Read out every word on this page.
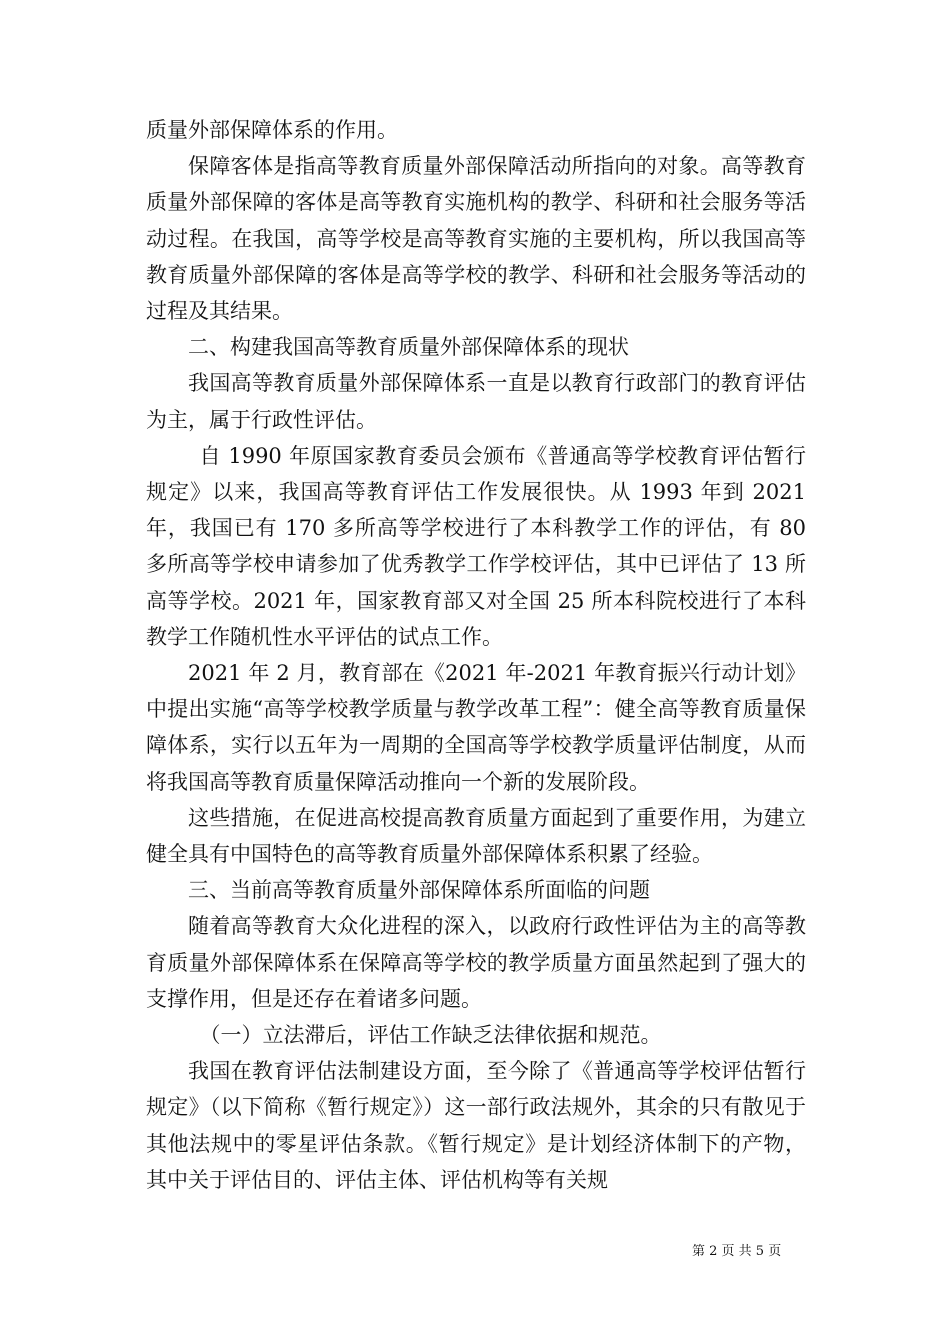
质量外部保障体系的作用。

保障客体是指高等教育质量外部保障活动所指向的对象。高等教育质量外部保障的客体是高等教育实施机构的教学、科研和社会服务等活动过程。在我国，高等学校是高等教育实施的主要机构，所以我国高等教育质量外部保障的客体是高等学校的教学、科研和社会服务等活动的过程及其结果。

二、构建我国高等教育质量外部保障体系的现状

我国高等教育质量外部保障体系一直是以教育行政部门的教育评估为主，属于行政性评估。

自 1990 年原国家教育委员会颁布《普通高等学校教育评估暂行规定》以来，我国高等教育评估工作发展很快。从 1993 年到 2021 年，我国已有 170 多所高等学校进行了本科教学工作的评估，有 80 多所高等学校申请参加了优秀教学工作学校评估，其中已评估了 13 所高等学校。2021 年，国家教育部又对全国 25 所本科院校进行了本科教学工作随机性水平评估的试点工作。

2021 年 2 月，教育部在《2021 年-2021 年教育振兴行动计划》中提出实施“高等学校教学质量与教学改革工程”：健全高等教育质量保障体系，实行以五年为一周期的全国高等学校教学质量评估制度，从而将我国高等教育质量保障活动推向一个新的发展阶段。

这些措施，在促进高校提高教育质量方面起到了重要作用，为建立健全具有中国特色的高等教育质量外部保障体系积累了经验。

三、当前高等教育质量外部保障体系所面临的问题

随着高等教育大众化进程的深入，以政府行政性评估为主的高等教育质量外部保障体系在保障高等学校的教学质量方面虽然起到了强大的支撑作用，但是还存在着诸多问题。

（一）立法滞后，评估工作缺乏法律依据和规范。

我国在教育评估法制建设方面，至今除了《普通高等学校评估暂行规定》（以下简称《暂行规定》）这一部行政法规外，其余的只有散见于其他法规中的零星评估条款。《暂行规定》是计划经济体制下的产物，其中关于评估目的、评估主体、评估机构等有关规

第 2 页 共 5 页
